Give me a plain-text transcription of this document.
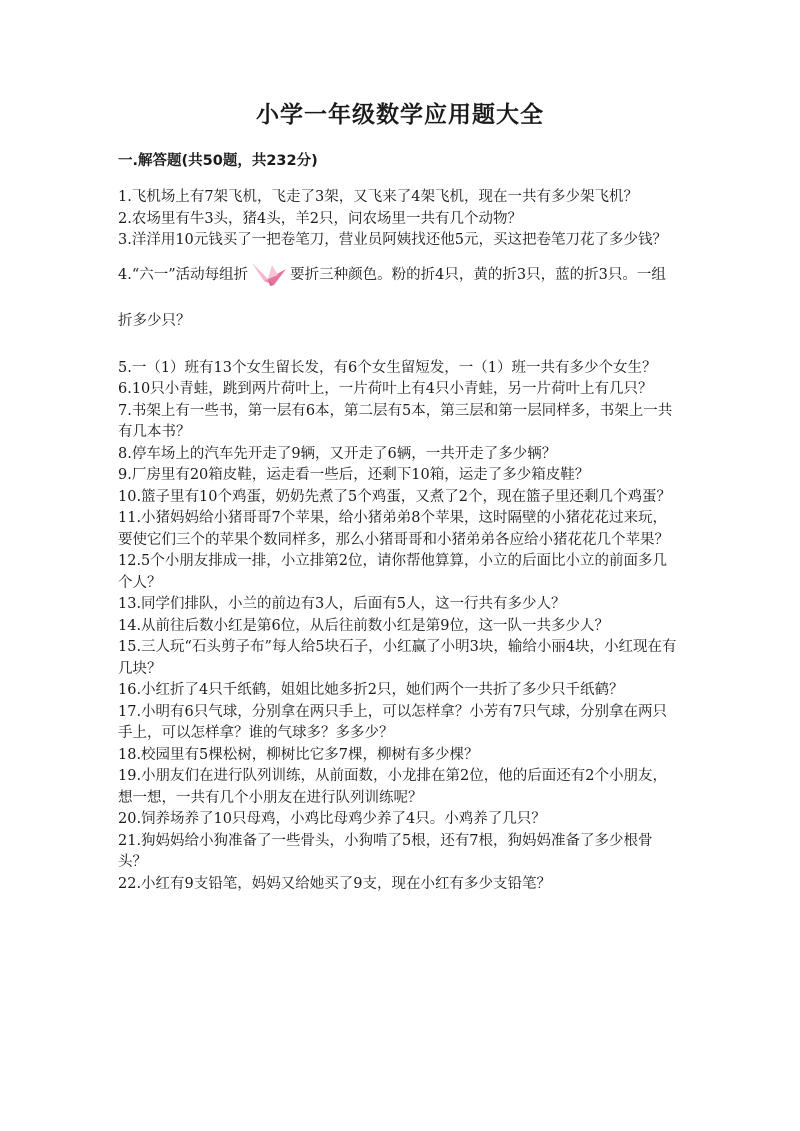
小学一年级数学应用题大全
一.解答题(共50题，共232分)

1.飞机场上有7架飞机，飞走了3架，又飞来了4架飞机，现在一共有多少架飞机？

2.农场里有牛3头，猪4头，羊2只，问农场里一共有几个动物？

3.洋洋用10元钱买了一把卷笔刀，营业员阿姨找还他5元，买这把卷笔刀花了多少钱？

4.“六一”活动每组折	要折三种颜色。粉的折4只，黄的折3只，蓝的折3只。一组折多少只？

5.一（1）班有13个女生留长发，有6个女生留短发，一（1）班一共有多少个女生？

6.10只小青蛙，跳到两片荷叶上，一片荷叶上有4只小青蛙，另一片荷叶上有几只？

7.书架上有一些书，第一层有6本，第二层有5本，第三层和第一层同样多，书架上一共有几本书？

8.停车场上的汽车先开走了9辆，又开走了6辆，一共开走了多少辆？

9.厂房里有20箱皮鞋，运走看一些后，还剩下10箱，运走了多少箱皮鞋？

10.篮子里有10个鸡蛋，奶奶先煮了5个鸡蛋，又煮了2个，现在篮子里还剩几个鸡蛋？

11.小猪妈妈给小猪哥哥7个苹果，给小猪弟弟8个苹果，这时隔壁的小猪花花过来玩，要使它们三个的苹果个数同样多，那么小猪哥哥和小猪弟弟各应给小猪花花几个苹果？

12.5个小朋友排成一排，小立排第2位，请你帮他算算，小立的后面比小立的前面多几个人？

13.同学们排队，小兰的前边有3人，后面有5人，这一行共有多少人？

14.从前往后数小红是第6位，从后往前数小红是第9位，这一队一共多少人？

15.三人玩“石头剪子布”每人给5块石子，小红赢了小明3块，输给小丽4块，小红现在有几块？

16.小红折了4只千纸鹤，姐姐比她多折2只，她们两个一共折了多少只千纸鹤？

17.小明有6只气球，分别拿在两只手上，可以怎样拿？小芳有7只气球，分别拿在两只手上，可以怎样拿？谁的气球多？多多少？

18.校园里有5棵松树，柳树比它多7棵，柳树有多少棵？

19.小朋友们在进行队列训练，从前面数，小龙排在第2位，他的后面还有2个小朋友，想一想，一共有几个小朋友在进行队列训练呢？

20.饲养场养了10只母鸡，小鸡比母鸡少养了4只。小鸡养了几只？

21.狗妈妈给小狗准备了一些骨头，小狗啃了5根，还有7根，狗妈妈准备了多少根骨头？

22.小红有9支铅笔，妈妈又给她买了9支，现在小红有多少支铅笔？
